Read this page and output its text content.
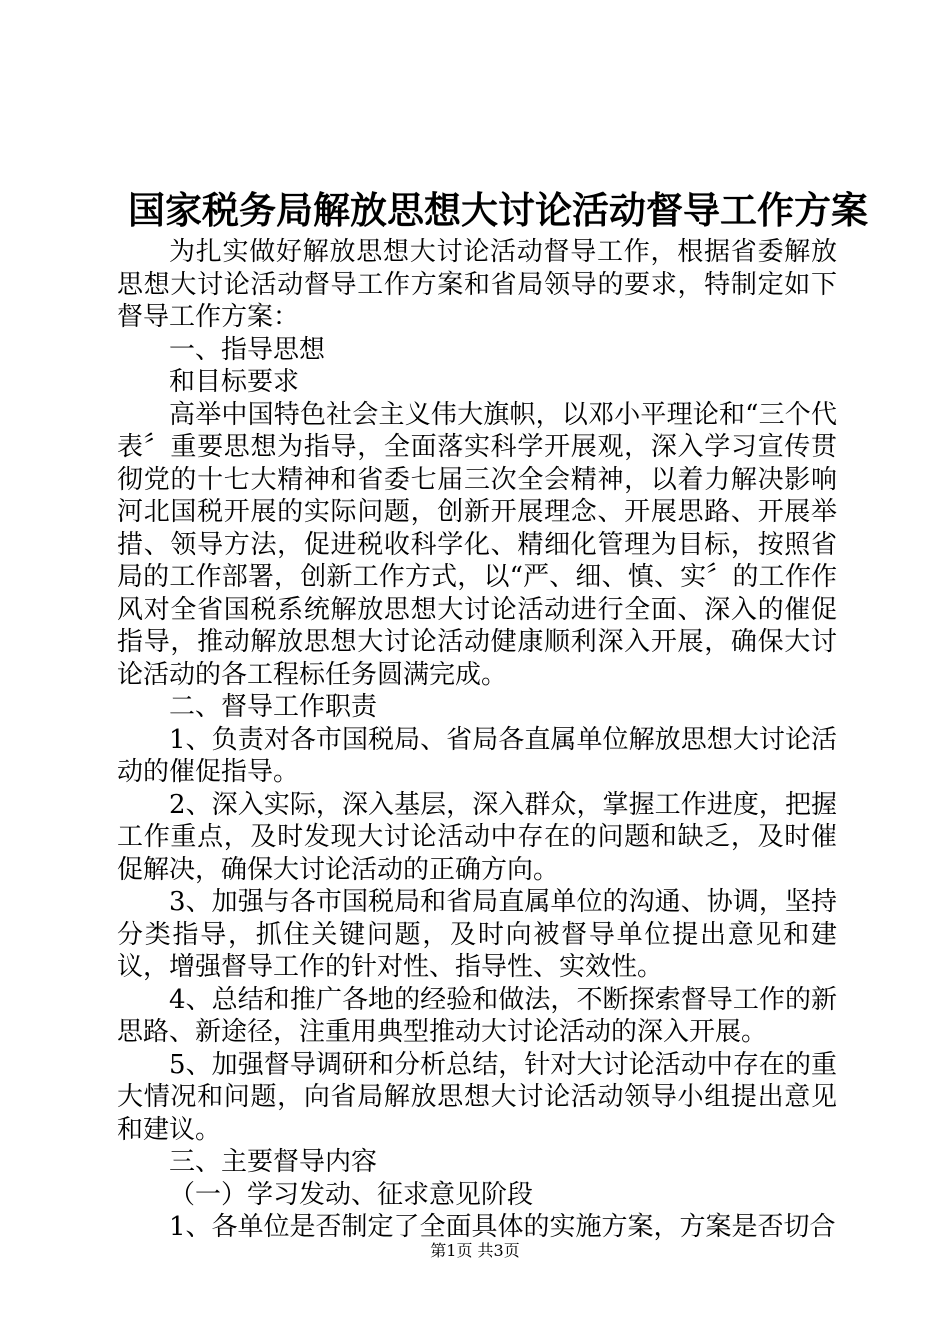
国家税务局解放思想大讨论活动督导工作方案

为扎实做好解放思想大讨论活动督导工作，根据省委解放思想大讨论活动督导工作方案和省局领导的要求，特制定如下督导工作方案：

一、指导思想

和目标要求

高举中国特色社会主义伟大旗帜，以邓小平理论和“三个代表〞重要思想为指导，全面落实科学开展观，深入学习宣传贯彻党的十七大精神和省委七届三次全会精神，以着力解决影响河北国税开展的实际问题，创新开展理念、开展思路、开展举措、领导方法，促进税收科学化、精细化管理为目标，按照省局的工作部署，创新工作方式，以“严、细、慎、实〞的工作作风对全省国税系统解放思想大讨论活动进行全面、深入的催促指导，推动解放思想大讨论活动健康顺利深入开展，确保大讨论活动的各工程标任务圆满完成。

二、督导工作职责

1、负责对各市国税局、省局各直属单位解放思想大讨论活动的催促指导。

2、深入实际，深入基层，深入群众，掌握工作进度，把握工作重点，及时发现大讨论活动中存在的问题和缺乏，及时催促解决，确保大讨论活动的正确方向。

3、加强与各市国税局和省局直属单位的沟通、协调，坚持分类指导，抓住关键问题，及时向被督导单位提出意见和建议，增强督导工作的针对性、指导性、实效性。

4、总结和推广各地的经验和做法，不断探索督导工作的新思路、新途径，注重用典型推动大讨论活动的深入开展。

5、加强督导调研和分析总结，针对大讨论活动中存在的重大情况和问题，向省局解放思想大讨论活动领导小组提出意见和建议。

三、主要督导内容

（一）学习发动、征求意见阶段

1、各单位是否制定了全面具体的实施方案，方案是否切合

第1页 共3页
